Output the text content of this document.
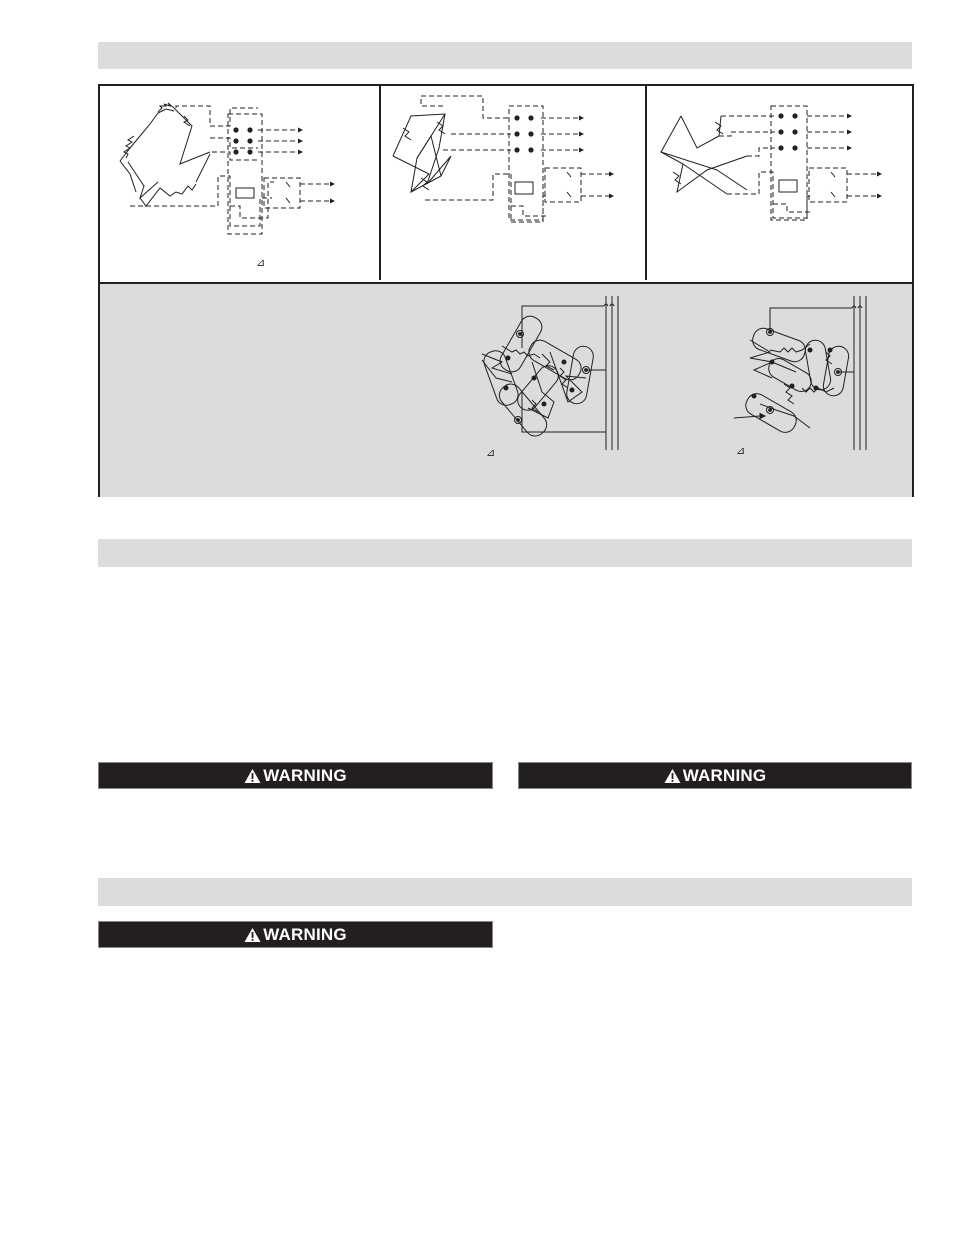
⊿
⊿	⊿
WARNING	WARNING
WARNING
